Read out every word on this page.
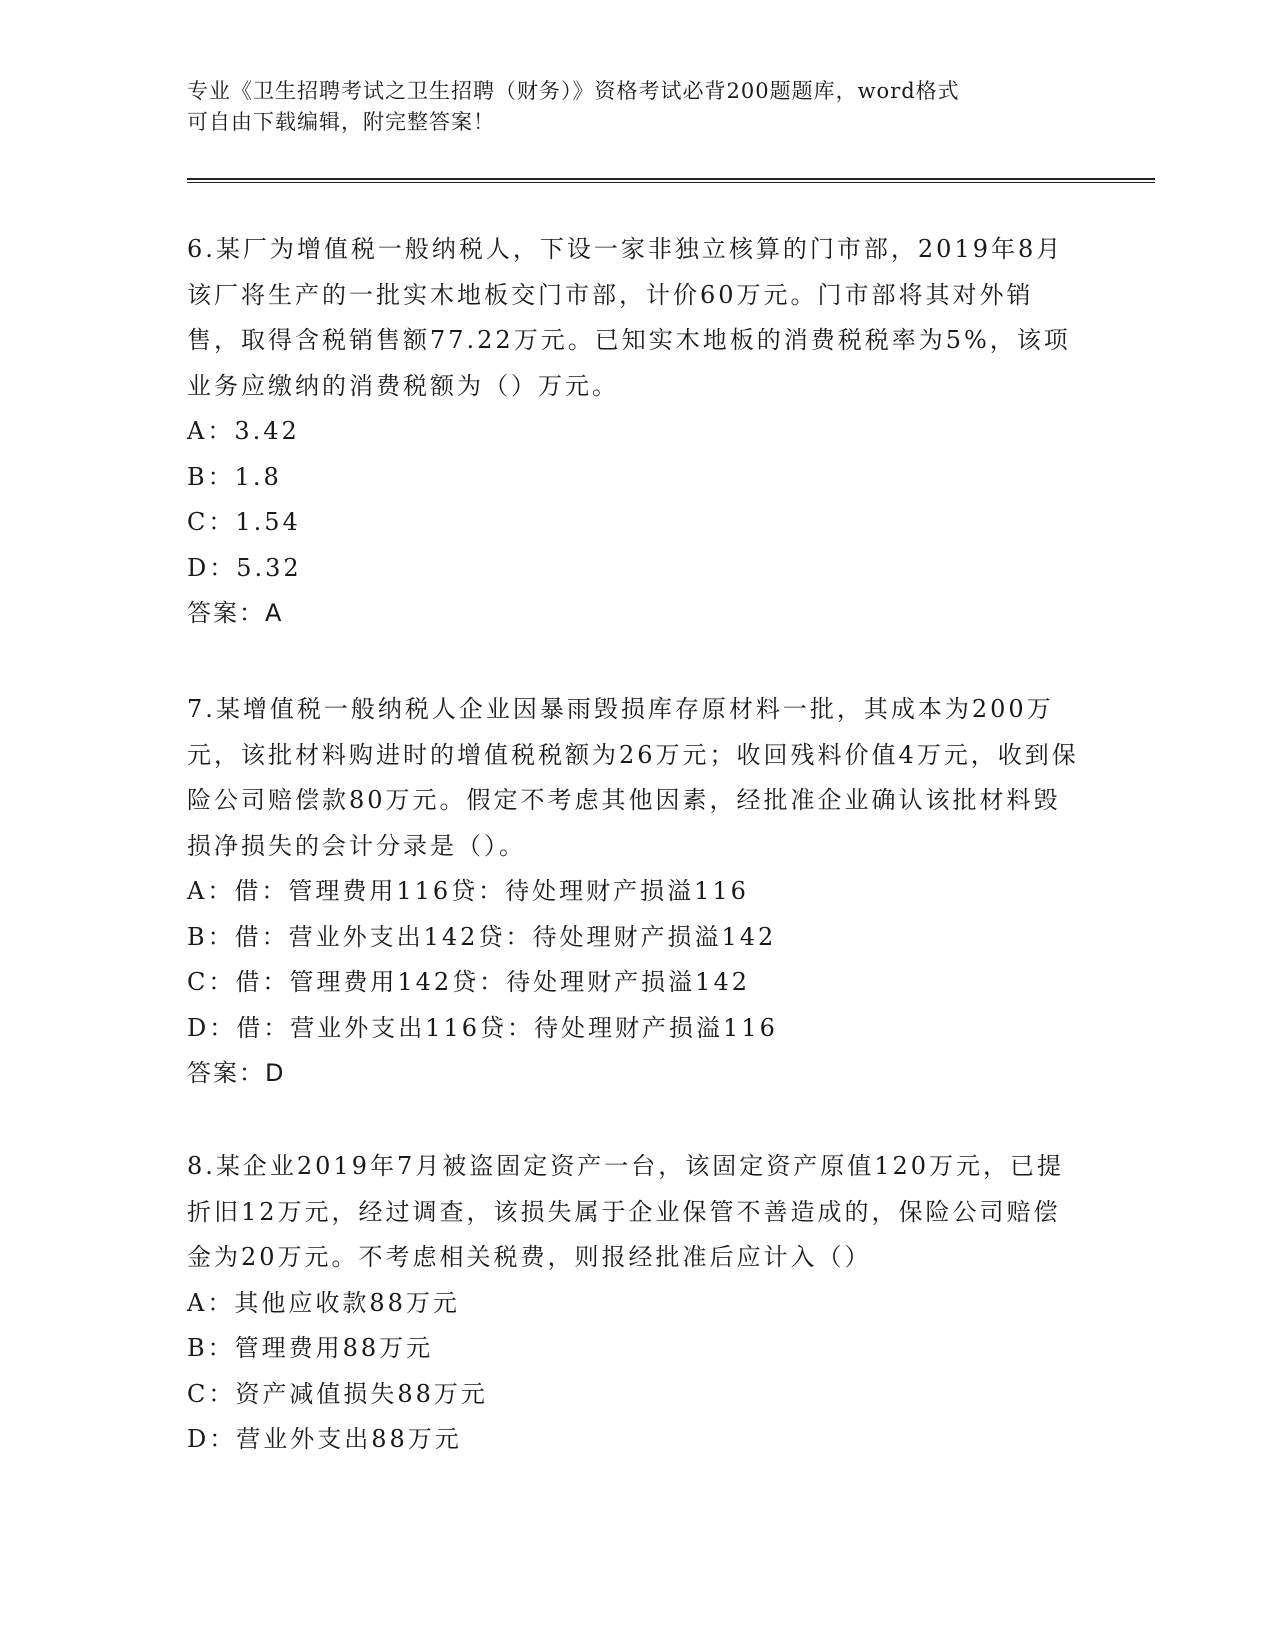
专业《卫生招聘考试之卫生招聘（财务）》资格考试必背200题题库，word格式
可自由下载编辑，附完整答案！

6.某厂为增值税一般纳税人，下设一家非独立核算的门市部，2019年8月该厂将生产的一批实木地板交门市部，计价60万元。门市部将其对外销售，取得含税销售额77.22万元。已知实木地板的消费税税率为5%，该项业务应缴纳的消费税额为（）万元。

A：3.42

B：1.8

C：1.54

D：5.32

答案：A

7.某增值税一般纳税人企业因暴雨毁损库存原材料一批，其成本为200万元，该批材料购进时的增值税税额为26万元；收回残料价值4万元，收到保险公司赔偿款80万元。假定不考虑其他因素，经批准企业确认该批材料毁损净损失的会计分录是（）。

A：借：管理费用116贷：待处理财产损溢116

B：借：营业外支出142贷：待处理财产损溢142

C：借：管理费用142贷：待处理财产损溢142

D：借：营业外支出116贷：待处理财产损溢116

答案：D

8.某企业2019年7月被盗固定资产一台，该固定资产原值120万元，已提折旧12万元，经过调查，该损失属于企业保管不善造成的，保险公司赔偿金为20万元。不考虑相关税费，则报经批准后应计入（）

A：其他应收款88万元

B：管理费用88万元

C：资产减值损失88万元

D：营业外支出88万元
